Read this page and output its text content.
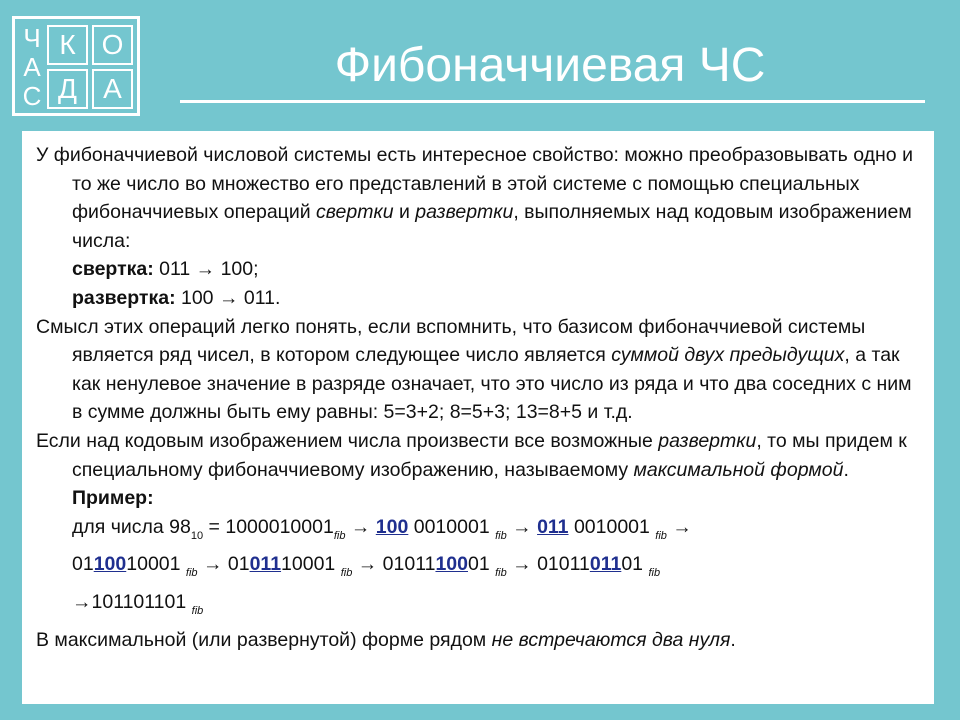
Ч
А
С
К О
Д А	Фибоначчиевая ЧС

У фибоначчиевой числовой системы есть интересное свойство: можно преобразовывать одно и то же число во множество его представлений в этой системе с помощью специальных фибоначчиевых операций свертки и развертки, выполняемых над кодовым изображением числа:

свертка: 011 → 100;

развертка: 100 → 011.

Смысл этих операций легко понять, если вспомнить, что базисом фибоначчиевой системы является ряд чисел, в котором следующее число является суммой двух предыдущих, а так как ненулевое значение в разряде означает, что это число из ряда и что два соседних с ним в сумме должны быть ему равны: 5=3+2; 8=5+3; 13=8+5 и т.д.

Если над кодовым изображением числа произвести все возможные развертки, то мы придем к специальному фибоначчиевому изображению, называемому максимальной формой.

Пример:

для числа $98_{10} = 1000010001_{fib} \to 100$ 0010001 $_{fib}$ → 011 0010001 $_{fib}$ →

0110010001 $_{fib}$ → 0101110001 $_{fib}$ → 0101110001 $_{fib}$ → 0101101101 $_{fib}$

→101101101 $_{fib}$

В максимальной (или развернутой) форме рядом не встречаются два нуля.
